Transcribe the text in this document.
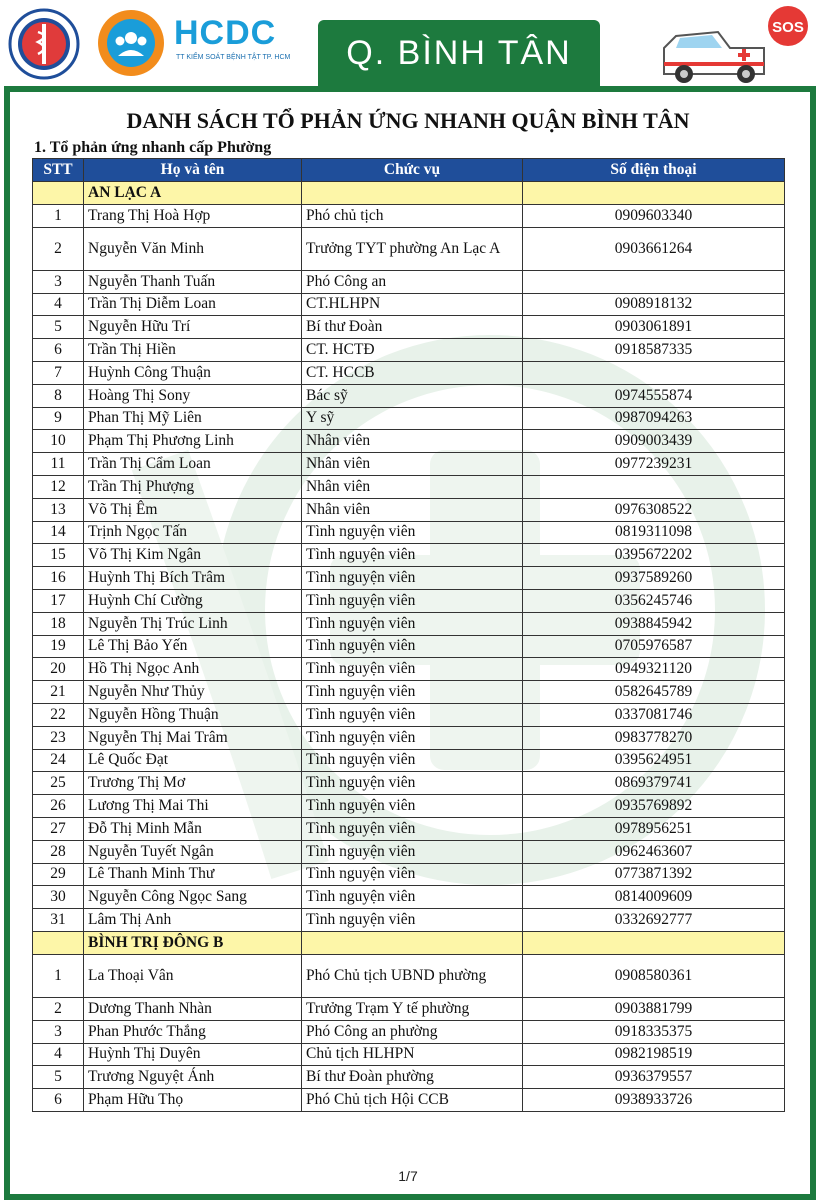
HCDC
TT KIỂM SOÁT BỆNH TẬT TP. HCM	Q. BÌNH TÂN
SOS
DANH SÁCH TỔ PHẢN ỨNG NHANH QUẬN BÌNH TÂN
1. Tổ phản ứng nhanh cấp Phường
STT	Họ và tên	Chức vụ	Số điện thoại
	AN LẠC A		
1	Trang Thị Hoà Hợp	Phó chủ tịch	0909603340
2	Nguyễn Văn Minh	Trưởng TYT phường An Lạc A	0903661264
3	Nguyễn Thanh Tuấn	Phó Công an	
4	Trần Thị Diễm Loan	CT.HLHPN	0908918132
5	Nguyễn Hữu Trí	Bí thư Đoàn	0903061891
6	Trần Thị Hiền	CT. HCTĐ	0918587335
7	Huỳnh Công Thuận	CT. HCCB	
8	Hoàng Thị Sony	Bác sỹ	0974555874
9	Phan Thị Mỹ Liên	Y sỹ	0987094263
10	Phạm Thị Phương Linh	Nhân viên	0909003439
11	Trần Thị Cẩm Loan	Nhân viên	0977239231
12	Trần Thị Phượng	Nhân viên	
13	Võ Thị Êm	Nhân viên	0976308522
14	Trịnh Ngọc Tấn	Tình nguyện viên	0819311098
15	Võ Thị Kim Ngân	Tình nguyện viên	0395672202
16	Huỳnh Thị Bích Trâm	Tình nguyện viên	0937589260
17	Huỳnh Chí Cường	Tình nguyện viên	0356245746
18	Nguyễn Thị Trúc Linh	Tình nguyện viên	0938845942
19	Lê Thị Bảo Yến	Tình nguyện viên	0705976587
20	Hồ Thị Ngọc Anh	Tình nguyện viên	0949321120
21	Nguyễn Như Thủy	Tình nguyện viên	0582645789
22	Nguyễn Hồng Thuận	Tình nguyện viên	0337081746
23	Nguyễn Thị Mai Trâm	Tình nguyện viên	0983778270
24	Lê Quốc Đạt	Tình nguyện viên	0395624951
25	Trương Thị Mơ	Tình nguyện viên	0869379741
26	Lương Thị Mai Thi	Tình nguyện viên	0935769892
27	Đỗ Thị Minh Mẫn	Tình nguyện viên	0978956251
28	Nguyễn Tuyết Ngân	Tình nguyện viên	0962463607
29	Lê Thanh Minh Thư	Tình nguyện viên	0773871392
30	Nguyễn Công Ngọc Sang	Tình nguyện viên	0814009609
31	Lâm Thị Anh	Tình nguyện viên	0332692777
	BÌNH TRỊ ĐÔNG B		
1	La Thoại Vân	Phó Chủ tịch UBND phường	0908580361
2	Dương Thanh Nhàn	Trưởng Trạm Y tế phường	0903881799
3	Phan Phước Thắng	Phó Công an phường	0918335375
4	Huỳnh Thị Duyên	Chủ tịch HLHPN	0982198519
5	Trương Nguyệt Ánh	Bí thư Đoàn phường	0936379557
6	Phạm Hữu Thọ	Phó Chủ tịch Hội CCB	0938933726
1/7
